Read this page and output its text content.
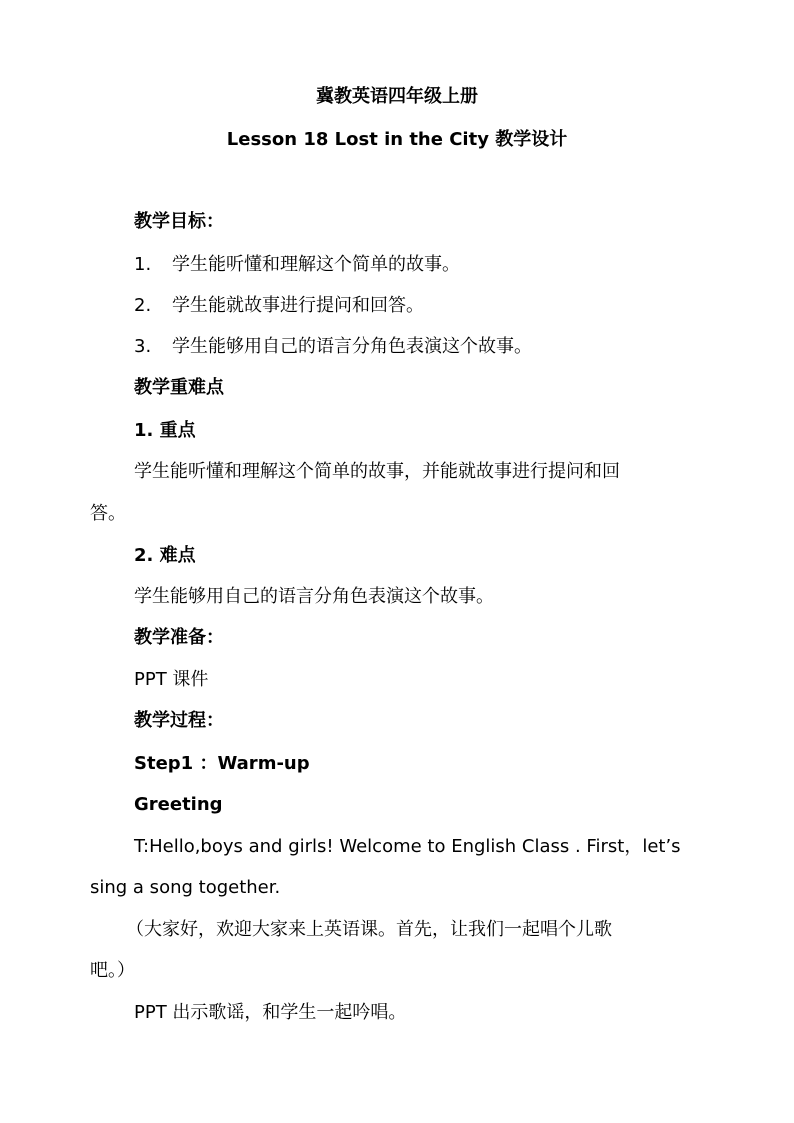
冀教英语四年级上册
Lesson 18 Lost in the City 教学设计
教学目标：
1. 学生能听懂和理解这个简单的故事。
2. 学生能就故事进行提问和回答。
3. 学生能够用自己的语言分角色表演这个故事。
教学重难点
1. 重点
学生能听懂和理解这个简单的故事，并能就故事进行提问和回
答。
2. 难点
学生能够用自己的语言分角色表演这个故事。
教学准备：
PPT 课件
教学过程：
Step1 ：Warm-up
Greeting
T:Hello,boys and girls! Welcome to English Class . First，let’s
sing a song together.
（大家好，欢迎大家来上英语课。首先，让我们一起唱个儿歌
吧。）
PPT 出示歌谣，和学生一起吟唱。
